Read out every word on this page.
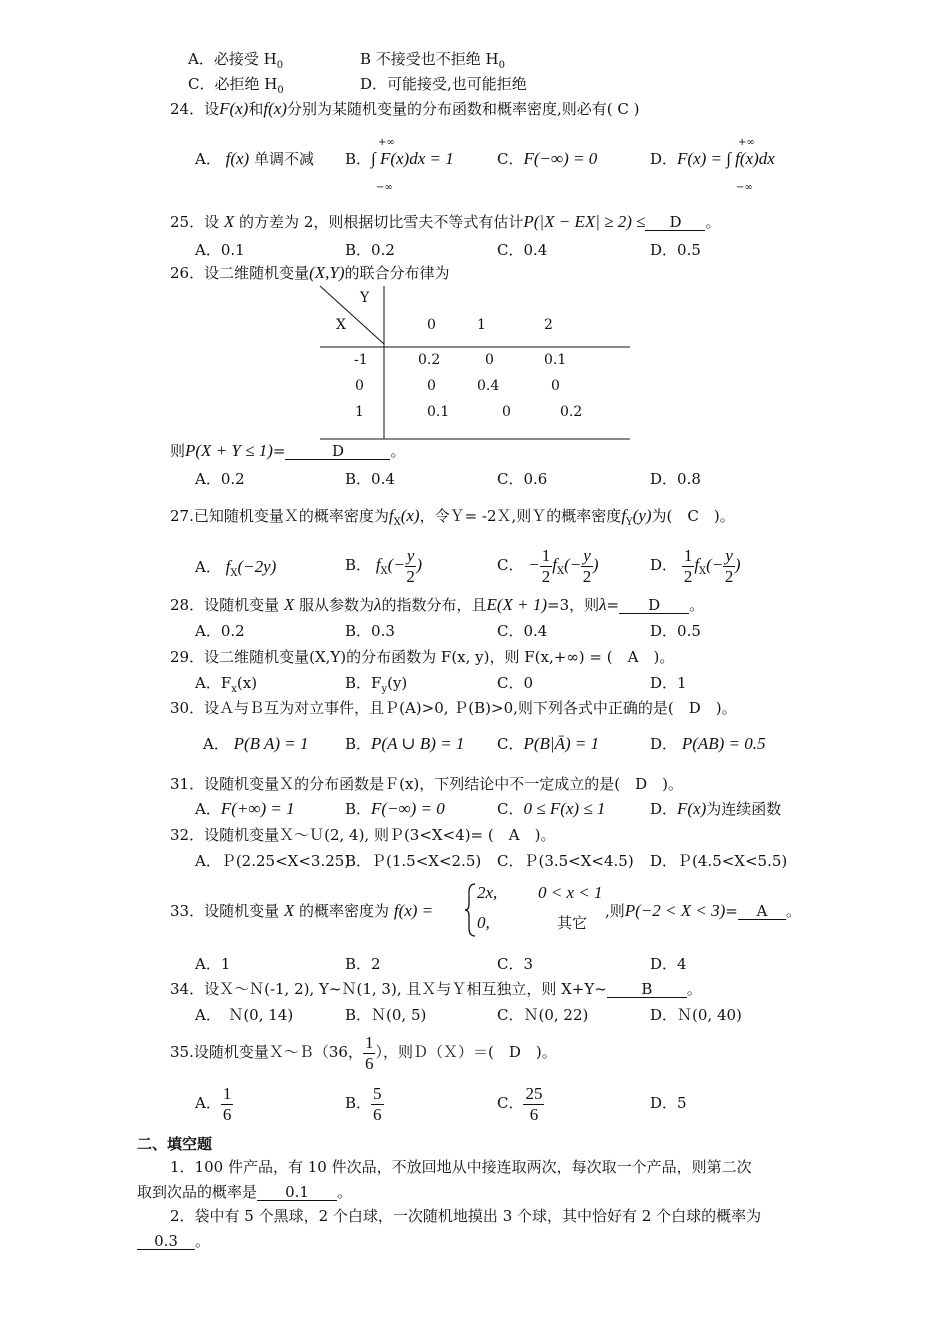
A．必接受 $H_0$	B 不接受也不拒绝 $H_0$
C．必拒绝 $H_0$	D．可能接受,也可能拒绝
24．设F(x)和f(x)分别为某随机变量的分布函数和概率密度,则必有( C )
A． f(x) 单调不减 B．∫ F(x)dx = 1
+∞
−∞
C．F(−∞) = 0	D．F(x) = ∫ f(x)dx
+∞
−∞
25．设 X 的方差为 2，则根据切比雪夫不等式有估计P(|X − EX| ≥ 2) ≤ D 。
A．0.1	B．0.2	C．0.4	D．0.5
26．设二维随机变量(X,Y)的联合分布律为
Y
X	0	1	2
-1	0.2	0	0.1
0	0	0.4	0
1	0.1	0	0.2
则P(X + Y ≤ 1)=	D	。
A．0.2	B．0.4	C．0.6	D．0.8
27.已知随机变量Ｘ的概率密度为$f_X(x)$，令Ｙ= -2Ｘ,则Ｙ的概率密度$f_Y(y)$为(　 C　 )。
A． $f_X(-2y)$	B． $f_X(- \frac{y}{2}$ )	C． − $\frac{1}{2} f_X(- \frac{y}{2}$ )	D． $\frac{1}{2} f_X(- \frac{y}{2}$ )
28．设随机变量 X 服从参数为λ的指数分布，且E(X + 1)=3，则λ= D 。
A．0.2	B．0.3	C．0.4	D．0.5
29．设二维随机变量(X,Y)的分布函数为 F(x, y)，则 F(x,+∞) = (　 A　 )。
A．$F_x(x)$	B．$F_y(y)$	C．0	D．1
30．设Ａ与Ｂ互为对立事件，且Ｐ(A)>0, Ｐ(B)>0,则下列各式中正确的是(　 D　 )。
A． P(B A) = 1 B．P(A ∪ B) = 1 C．P(B|Ā) = 1	D． P(AB) = 0.5
31．设随机变量Ｘ的分布函数是Ｆ(x)，下列结论中不一定成立的是(　 D　 )。
A．F(+∞) = 1	B．F(−∞) = 0	C．0 ≤ F(x) ≤ 1	D．F(x)为连续函数
32．设随机变量Ｘ～Ｕ(2, 4), 则Ｐ(3<X<4)= (　 A　 )。
A．Ｐ(2.25<X<3.25)
B．Ｐ(1.5<X<2.5) C．Ｐ(3.5<X<4.5) D．Ｐ(4.5<X<5.5)
33．设随机变量 X 的概率密度为 f(x) =
2x, 0 < x < 1
0,	其它
,则P(−2 < X < 3)= A 。
A．1	B．2	C．3	D．4
34．设Ｘ～Ｎ(-1, 2), Y~Ｎ(1, 3), 且Ｘ与Ｙ相互独立，则 X+Y~ B 。
A．　Ｎ(0, 14)	B．Ｎ(0, 5)	C．Ｎ(0, 22)	D．Ｎ(0, 40)
35.设随机变量Ｘ～Ｂ（36， $\frac{1}{6}$ ），则Ｄ（Ｘ）＝(　 D　 )。
A． $\frac{1}{6}$	B． $\frac{5}{6}$	C． $\frac{25}{6}$	D．5
二、填空题
1．100 件产品，有 10 件次品，不放回地从中接连取两次，每次取一个产品，则第二次
取到次品的概率是 0.1 。
2．袋中有 5 个黑球，2 个白球，一次随机地摸出 3 个球，其中恰好有 2 个白球的概率为
0.3 。
